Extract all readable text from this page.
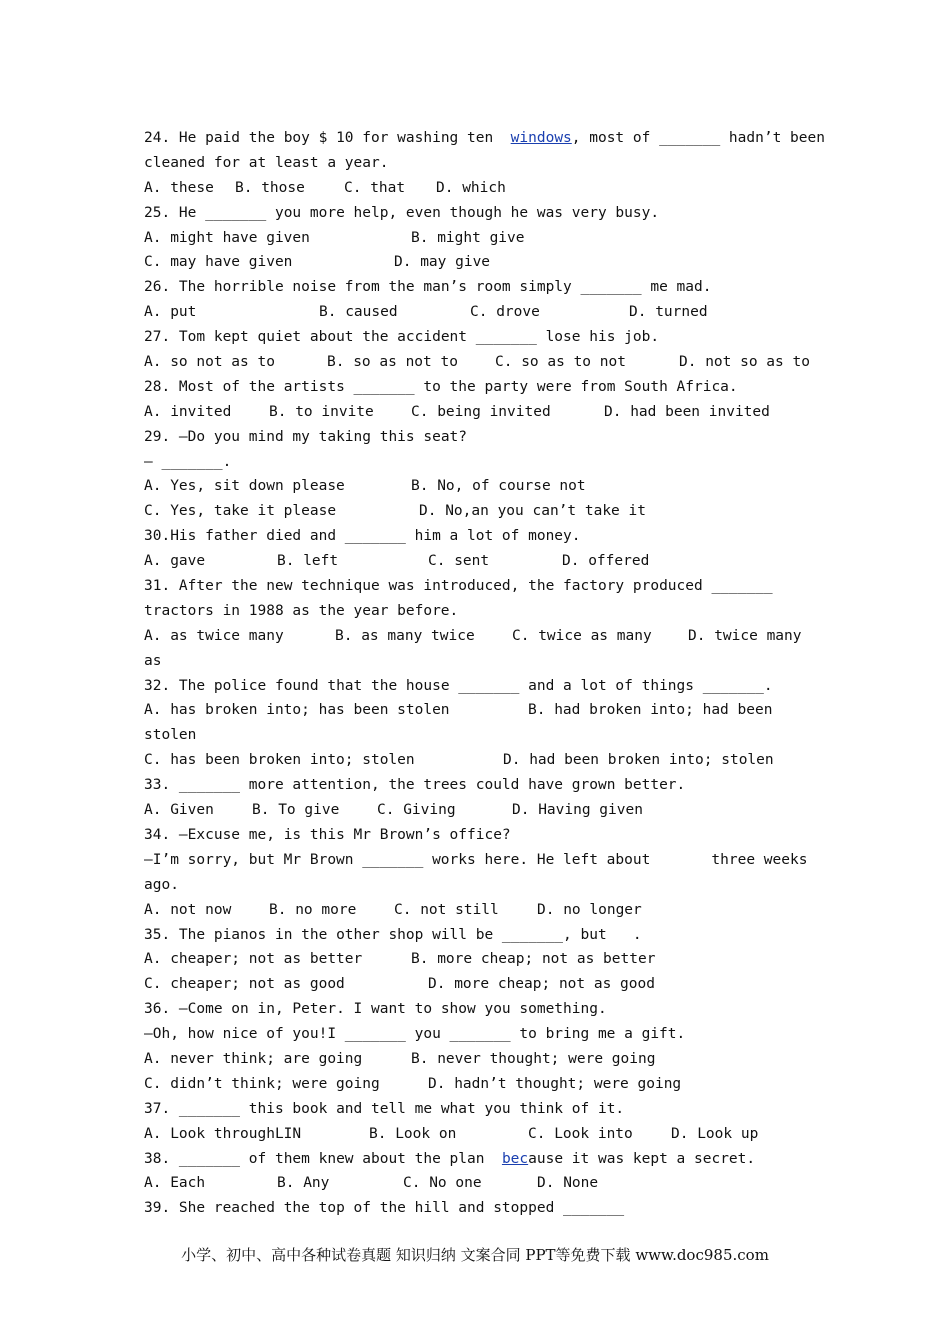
24. He paid the boy $ 10 for washing ten  windows, most of _______ hadn’t been
cleaned for at least a year.
A. these B. those	C. that D. which
25. He _______ you more help, even though he was very busy.
A. might have given	B. might give
C. may have given	D. may give
26. The horrible noise from the man’s room simply _______ me mad.
A. put	B. caused	C. drove	D. turned
27. Tom kept quiet about the accident _______ lose his job.
A. so not as to	B. so as not to	C. so as to not	D. not so as to
28. Most of the artists _______ to the party were from South Africa.
A. invited	B. to invite	C. being invited	D. had been invited
29. —Do you mind my taking this seat?
— _______.
A. Yes, sit down please	B. No, of course not
C. Yes, take it please	D. No,an you can’t take it
30.His father died and _______ him a lot of money.
A. gave	B. left	C. sent	D. offered
31. After the new technique was introduced, the factory produced _______
tractors in 1988 as the year before.
A. as twice many	B. as many twice	C. twice as many	D. twice many
as
32. The police found that the house _______ and a lot of things _______.
A. has broken into; has been stolen	B. had broken into; had been
stolen
C. has been broken into; stolen	D. had been broken into; stolen
33. _______ more attention, the trees could have grown better.
A. Given	B. To give	C. Giving	D. Having given
34. —Excuse me, is this Mr Brown’s office?
—I’m sorry, but Mr Brown _______ works here. He left about       three weeks
ago.
A. not now	B. no more	C. not still	D. no longer
35. The pianos in the other shop will be _______, but   .
A. cheaper; not as better	B. more cheap; not as better
C. cheaper; not as good	D. more cheap; not as good
36. —Come on in, Peter. I want to show you something.
—Oh, how nice of you!I _______ you _______ to bring me a gift.
A. never think; are going	B. never thought; were going
C. didn’t think; were going	D. hadn’t thought; were going
37. _______ this book and tell me what you think of it.
A. Look throughLIN	B. Look on	C. Look into	D. Look up
38. _______ of them knew about the plan  because it was kept a secret.
A. Each	B. Any	C. No one	D. None
39. She reached the top of the hill and stopped _______
小学、初中、高中各种试卷真题 知识归纳 文案合同 PPT等免费下载 www.doc985.com
